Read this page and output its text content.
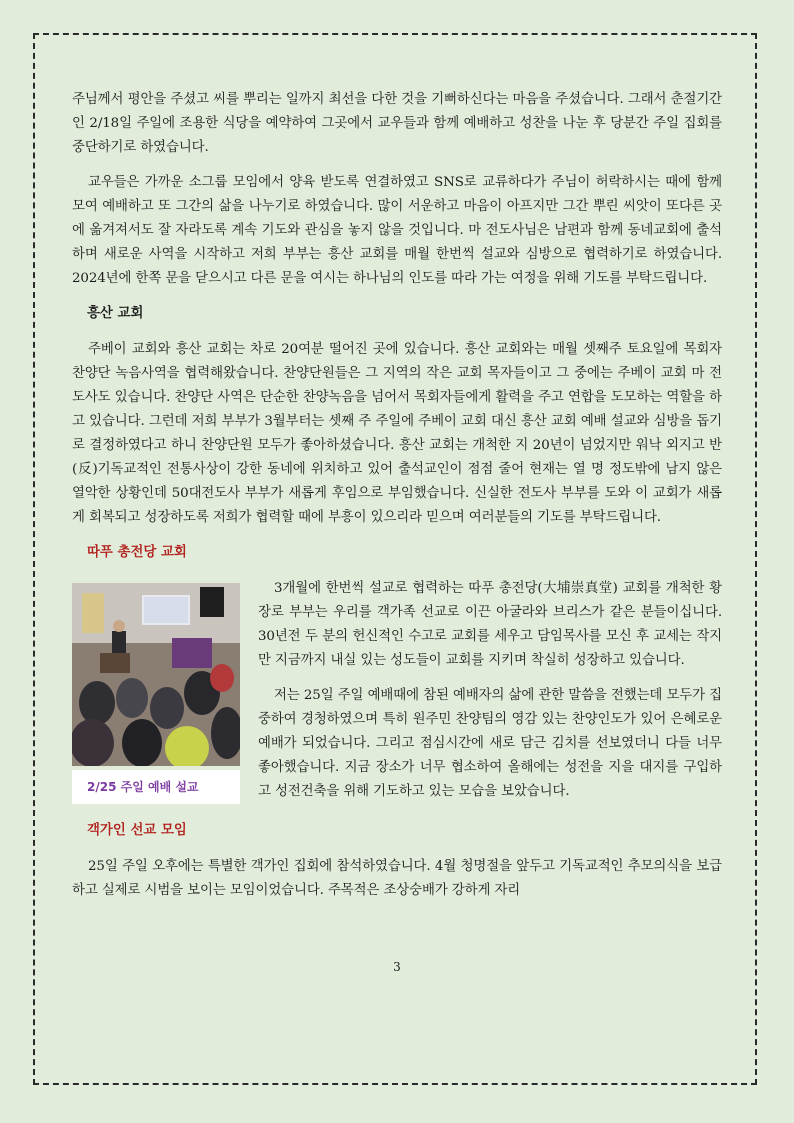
주님께서 평안을 주셨고 씨를 뿌리는 일까지 최선을 다한 것을 기뻐하신다는 마음을 주셨습니다. 그래서 춘절기간인 2/18일 주일에 조용한 식당을 예약하여 그곳에서 교우들과 함께 예배하고 성찬을 나눈 후 당분간 주일 집회를 중단하기로 하였습니다.

교우들은 가까운 소그룹 모임에서 양육 받도록 연결하였고 SNS로 교류하다가 주님이 허락하시는 때에 함께 모여 예배하고 또 그간의 삶을 나누기로 하였습니다. 많이 서운하고 마음이 아프지만 그간 뿌린 씨앗이 또다른 곳에 옮겨져서도 잘 자라도록 계속 기도와 관심을 놓지 않을 것입니다. 마 전도사님은 남편과 함께 동네교회에 출석하며 새로운 사역을 시작하고 저희 부부는 흥산 교회를 매월 한번씩 설교와 심방으로 협력하기로 하였습니다. 2024년에 한쪽 문을 닫으시고 다른 문을 여시는 하나님의 인도를 따라 가는 여정을 위해 기도를 부탁드립니다.

흥산 교회

주베이 교회와 흥산 교회는 차로 20여분 떨어진 곳에 있습니다. 흥산 교회와는 매월 셋째주 토요일에 목회자 찬양단 녹음사역을 협력해왔습니다. 찬양단원들은 그 지역의 작은 교회 목자들이고 그 중에는 주베이 교회 마 전도사도 있습니다. 찬양단 사역은 단순한 찬양녹음을 넘어서 목회자들에게 활력을 주고 연합을 도모하는 역할을 하고 있습니다. 그런데 저희 부부가 3월부터는 셋째 주 주일에 주베이 교회 대신 흥산 교회 예배 설교와 심방을 돕기로 결정하였다고 하니 찬양단원 모두가 좋아하셨습니다. 흥산 교회는 개척한 지 20년이 넘었지만 워낙 외지고 반(反)기독교적인 전통사상이 강한 동네에 위치하고 있어 출석교인이 점점 줄어 현재는 열 명 정도밖에 남지 않은 열악한 상황인데 50대전도사 부부가 새롭게 후임으로 부임했습니다. 신실한 전도사 부부를 도와 이 교회가 새롭게 회복되고 성장하도록 저희가 협력할 때에 부흥이 있으리라 믿으며 여러분들의 기도를 부탁드립니다.

따푸 총전당 교회
2/25 주일 예배 설교

3개월에 한번씩 설교로 협력하는 따푸 총전당(大埔崇真堂) 교회를 개척한 황장로 부부는 우리를 객가족 선교로 이끈 아굴라와 브리스가 같은 분들이십니다. 30년전 두 분의 헌신적인 수고로 교회를 세우고 담임목사를 모신 후 교세는 작지만 지금까지 내실 있는 성도들이 교회를 지키며 착실히 성장하고 있습니다.

저는 25일 주일 예배때에 참된 예배자의 삶에 관한 말씀을 전했는데 모두가 집중하여 경청하였으며 특히 원주민 찬양팀의 영감 있는 찬양인도가 있어 은혜로운 예배가 되었습니다. 그리고 점심시간에 새로 담근 김치를 선보였더니 다들 너무 좋아했습니다. 지금 장소가 너무 협소하여 올해에는 성전을 지을 대지를 구입하고 성전건축을 위해 기도하고 있는 모습을 보았습니다.

객가인 선교 모임

25일 주일 오후에는 특별한 객가인 집회에 참석하였습니다. 4월 청명절을 앞두고 기독교적인 추모의식을 보급하고 실제로 시범을 보이는 모임이었습니다. 주목적은 조상숭배가 강하게 자리

3
